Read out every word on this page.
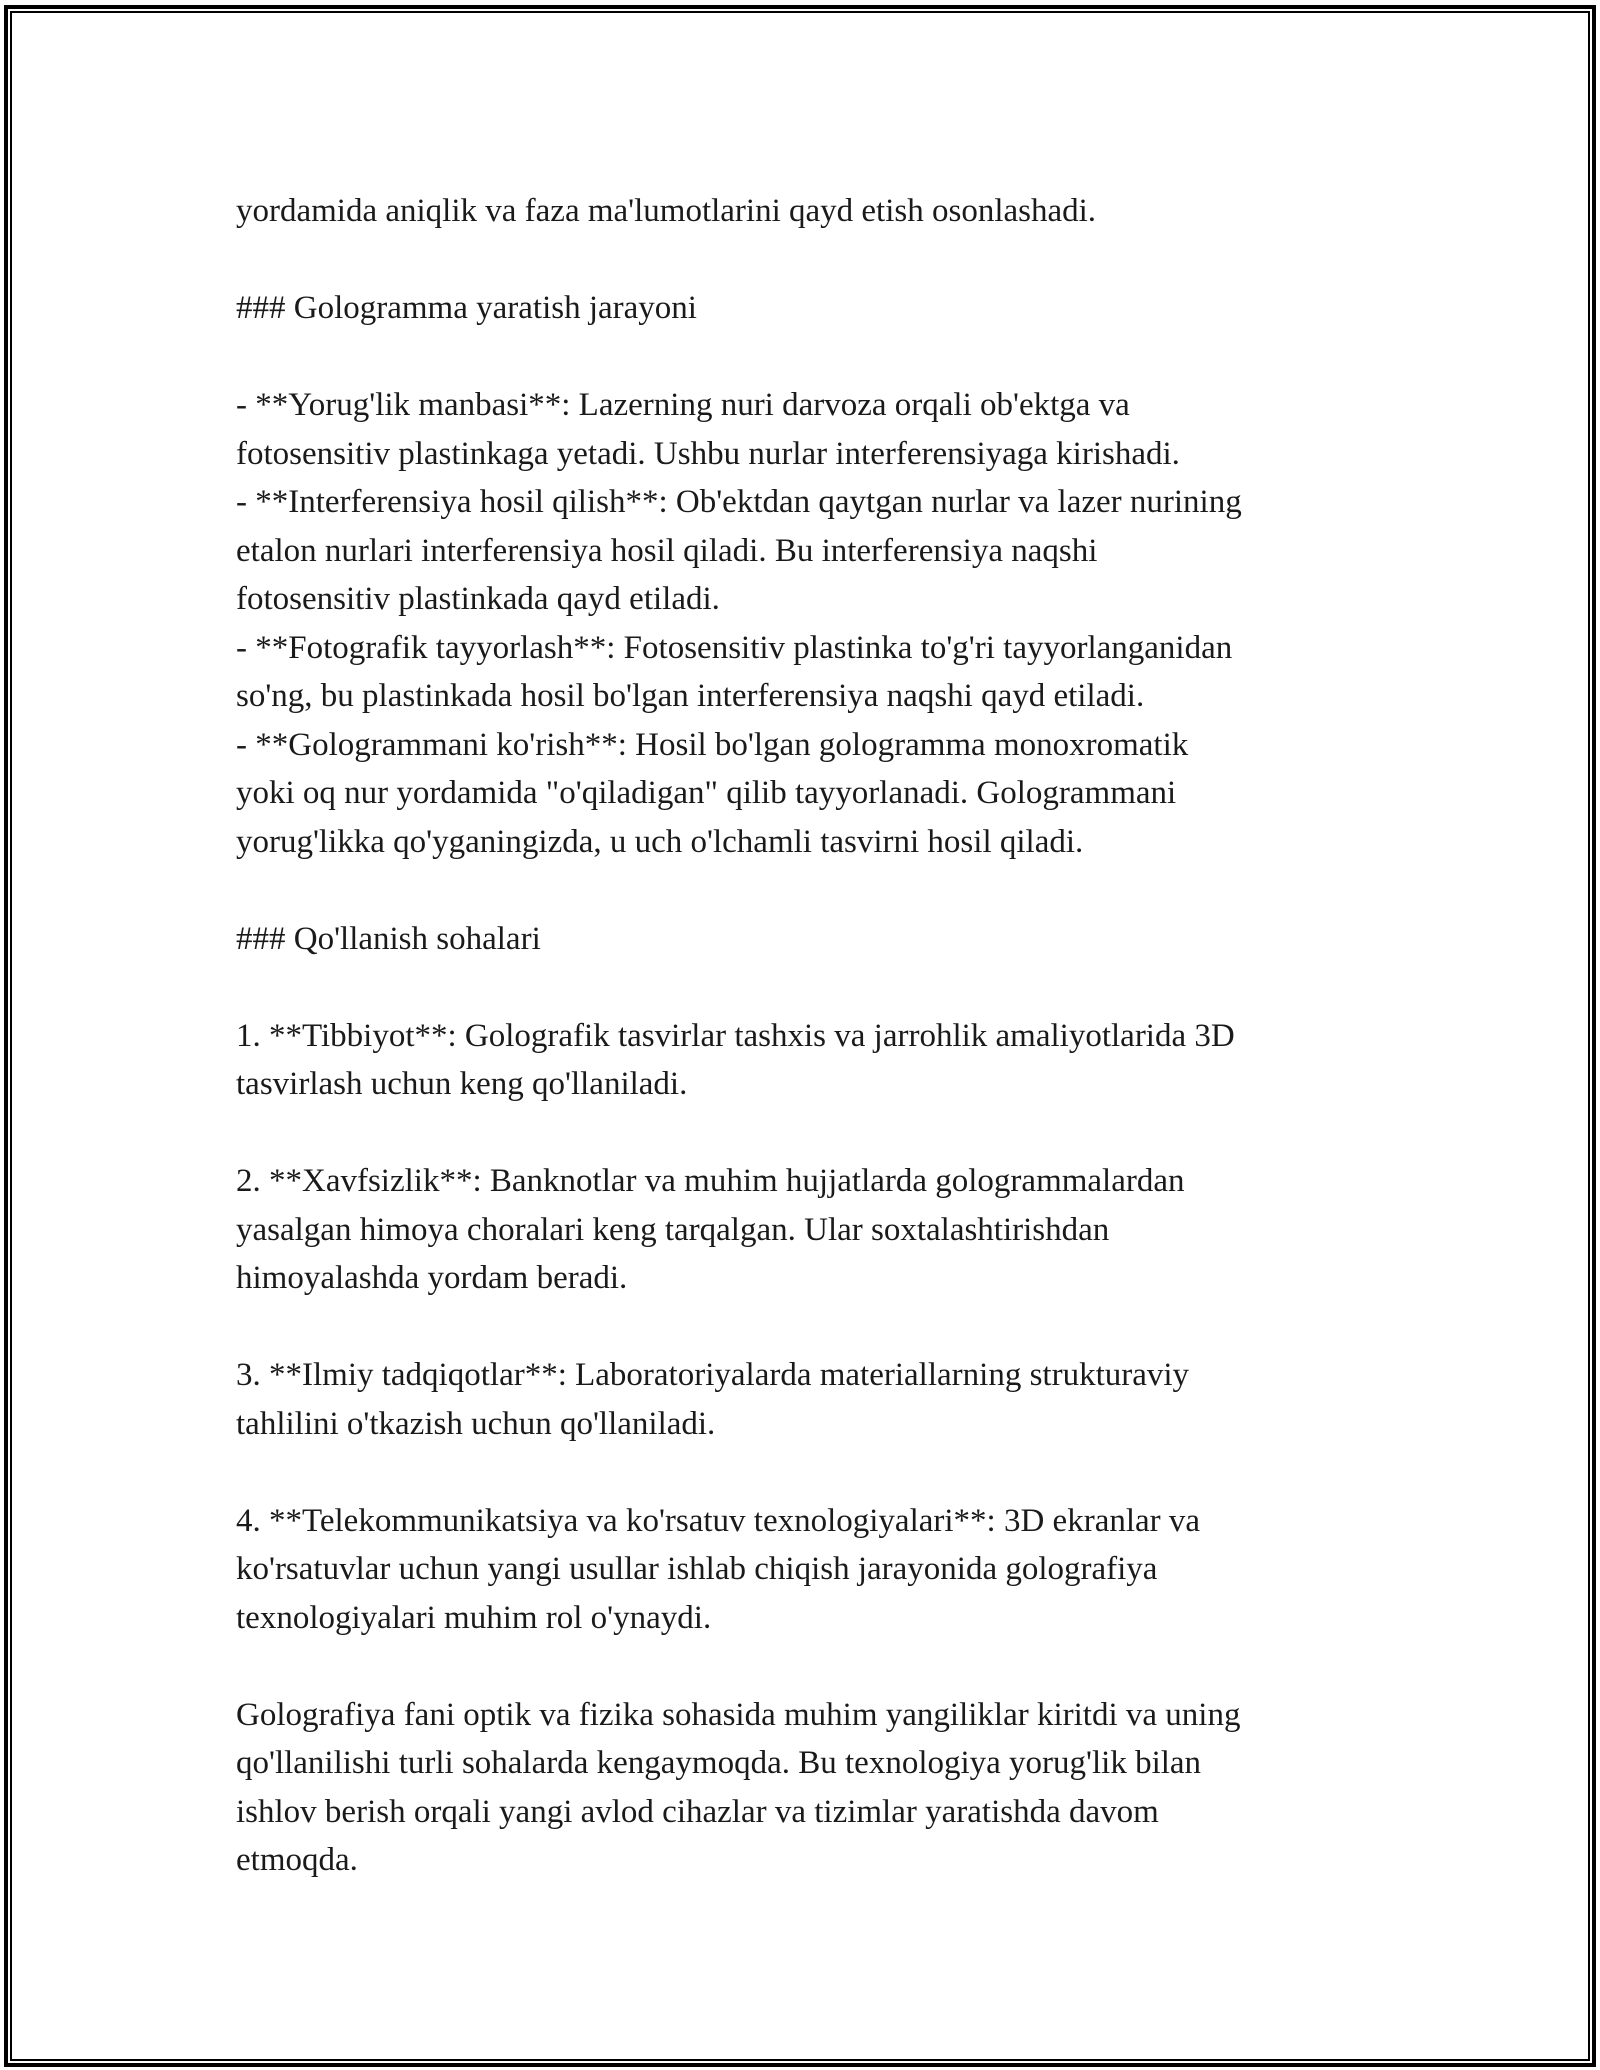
yordamida aniqlik va faza ma'lumotlarini qayd etish osonlashadi.
### Gologramma yaratish jarayoni
- **Yorug'lik manbasi**: Lazerning nuri darvoza orqali ob'ektga va
fotosensitiv plastinkaga yetadi. Ushbu nurlar interferensiyaga kirishadi.
- **Interferensiya hosil qilish**: Ob'ektdan qaytgan nurlar va lazer nurining
etalon nurlari interferensiya hosil qiladi. Bu interferensiya naqshi
fotosensitiv plastinkada qayd etiladi.
- **Fotografik tayyorlash**: Fotosensitiv plastinka to'g'ri tayyorlanganidan
so'ng, bu plastinkada hosil bo'lgan interferensiya naqshi qayd etiladi.
- **Gologrammani ko'rish**: Hosil bo'lgan gologramma monoxromatik
yoki oq nur yordamida "o'qiladigan" qilib tayyorlanadi. Gologrammani
yorug'likka qo'yganingizda, u uch o'lchamli tasvirni hosil qiladi.
### Qo'llanish sohalari
1. **Tibbiyot**: Golografik tasvirlar tashxis va jarrohlik amaliyotlarida 3D
tasvirlash uchun keng qo'llaniladi.
2. **Xavfsizlik**: Banknotlar va muhim hujjatlarda gologrammalardan
yasalgan himoya choralari keng tarqalgan. Ular soxtalashtirishdan
himoyalashda yordam beradi.
3. **Ilmiy tadqiqotlar**: Laboratoriyalarda materiallarning strukturaviy
tahlilini o'tkazish uchun qo'llaniladi.
4. **Telekommunikatsiya va ko'rsatuv texnologiyalari**: 3D ekranlar va
ko'rsatuvlar uchun yangi usullar ishlab chiqish jarayonida golografiya
texnologiyalari muhim rol o'ynaydi.
Golografiya fani optik va fizika sohasida muhim yangiliklar kiritdi va uning
qo'llanilishi turli sohalarda kengaymoqda. Bu texnologiya yorug'lik bilan
ishlov berish orqali yangi avlod cihazlar va tizimlar yaratishda davom
etmoqda.
